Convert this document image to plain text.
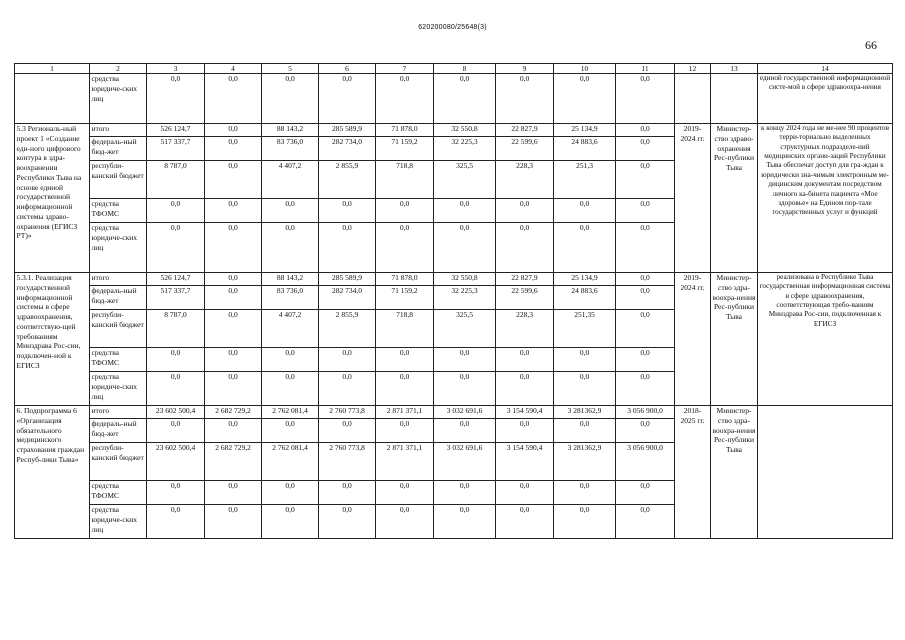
620200080/25648(3)
66
1	2	3	4	5	6	7	8	9	10	11	12	13	14
	средства юридиче-ских лиц	0,0	0,0	0,0	0,0	0,0	0,0	0,0	0,0	0,0			единой государственной информационной систе-мой в сфере здравоохра-нения
5.3 Региональ-ный проект 1 «Создание еди-ного цифрового контура в здра-воохранении Республики Тыва на основе единой государственной информационной системы здраво-охранения (ЕГИСЗ РТ)»	итого	526 124,7	0,0	88 143,2	285 589,9	71 878,0	32 550,8	22 827,9	25 134,9	0,0	2019-2024 гг.	Министер-ство здраво-охранения Рес-публики Тыва	к концу 2024 года не ме-нее 90 процентов терри-ториально выделенных структурных подразделе-ний медицинских органи-заций Республики Тыва обеспечат доступ для гра-ждан к юридически зна-чимым электронным ме-дицинским документам посредством личного ка-бинета пациента «Мое здоровье» на Едином пор-тале государственных услуг и функций
	федераль-ный бюд-жет	517 337,7	0,0	83 736,0	282 734,0	71 159,2	32 225,3	22 599,6	24 883,6	0,0			
	республи-канский бюджет	8 787,0	0,0	4 407,2	2 855,9	718,8	325,5	228,3	251,3	0,0			
	средства ТФОМС	0,0	0,0	0,0	0,0	0,0	0,0	0,0	0,0	0,0			
	средства юридиче-ских лиц	0,0	0,0	0,0	0,0	0,0	0,0	0,0	0,0	0,0			
5.3.1. Реализация государственной информационной системы в сфере здравоохранения, соответствую-щей требованиям Минздрава Рос-сии, подключен-ной к ЕГИСЗ	итого	526 124,7	0,0	88 143,2	285 589,9	71 878,0	32 550,8	22 827,9	25 134,9	0,0	2019-2024 гг.	Министер-ство здра-воохра-нения Рес-публики Тыва	реализована в Республике Тыва государственная информационная система в сфере здравоохранения, соответствующая требо-ваниям Минздрава Рос-сии, подключенная к ЕГИСЗ
	федераль-ный бюд-жет	517 337,7	0,0	83 736,0	282 734,0	71 159,2	32 225,3	22 599,6	24 883,6	0,0			
	республи-канский бюджет	8 787,0	0,0	4 407,2	2 855,9	718,8	325,5	228,3	251,35	0,0			
	средства ТФОМС	0,0	0,0	0,0	0,0	0,0	0,0	0,0	0,0	0,0			
	средства юридиче-ских лиц	0,0	0,0	0,0	0,0	0,0	0,0	0,0	0,0	0,0			
6. Подпрограмма 6 «Организация обязательного медицинского страхования граждан Респуб-лики Тыва»	итого	23 602 500,4	2 682 729,2	2 762 081,4	2 760 773,8	2 871 371,1	3 032 691,6	3 154 590,4	3 281362,9	3 056 900,0	2018-2025 гг.	Министер-ство здра-воохра-нения Рес-публики Тыва	
	федераль-ный бюд-жет	0,0	0,0	0,0	0,0	0,0	0,0	0,0	0,0	0,0			
	республи-канский бюджет	23 602 500,4	2 682 729,2	2 762 081,4	2 760 773,8	2 871 371,1	3 032 691,6	3 154 590,4	3 281362,9	3 056 900,0			
	средства ТФОМС	0,0	0,0	0,0	0,0	0,0	0,0	0,0	0,0	0,0			
	средства юридиче-ских лиц	0,0	0,0	0,0	0,0	0,0	0,0	0,0	0,0	0,0			
